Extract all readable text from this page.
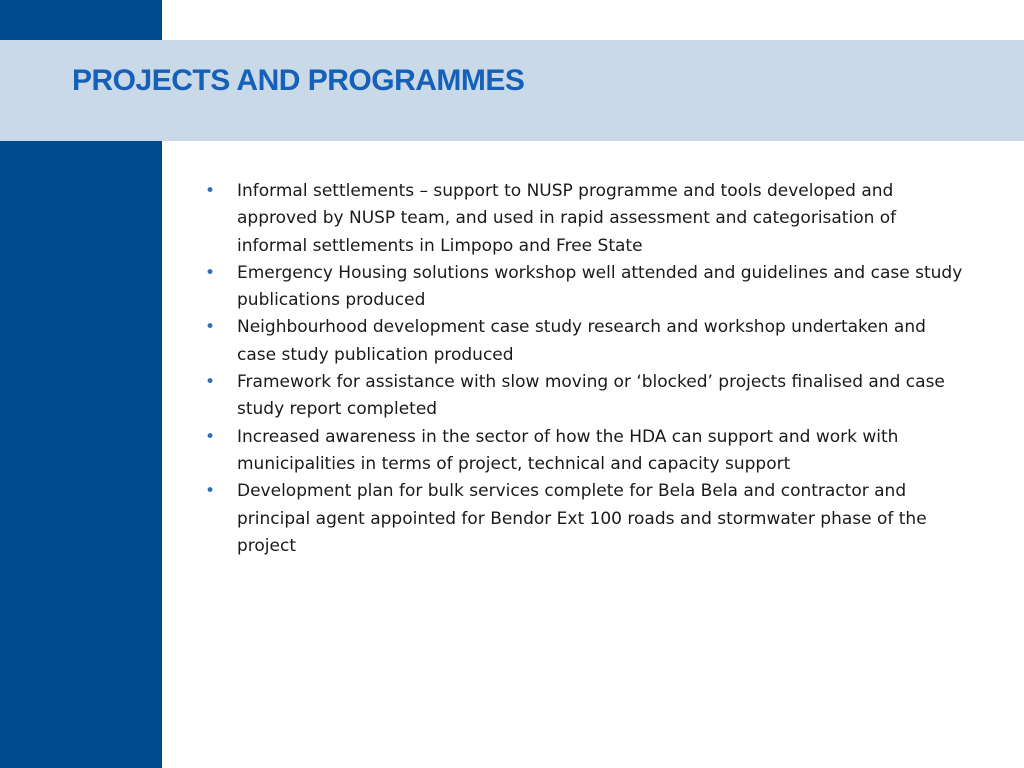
PROJECTS AND PROGRAMMES
• Informal settlements – support to NUSP programme and tools developed and approved by NUSP team, and used in rapid assessment and categorisation of informal settlements in Limpopo and Free State
• Emergency Housing solutions workshop well attended and guidelines and case study publications produced
• Neighbourhood development case study research and workshop undertaken and case study publication produced
• Framework for assistance with slow moving or ‘blocked’ projects finalised and case study report completed
• Increased awareness in the sector of how the HDA can support and work with municipalities in terms of project, technical and capacity support
• Development plan for bulk services complete for Bela Bela and contractor and principal agent appointed for Bendor Ext 100 roads and stormwater phase of the project
